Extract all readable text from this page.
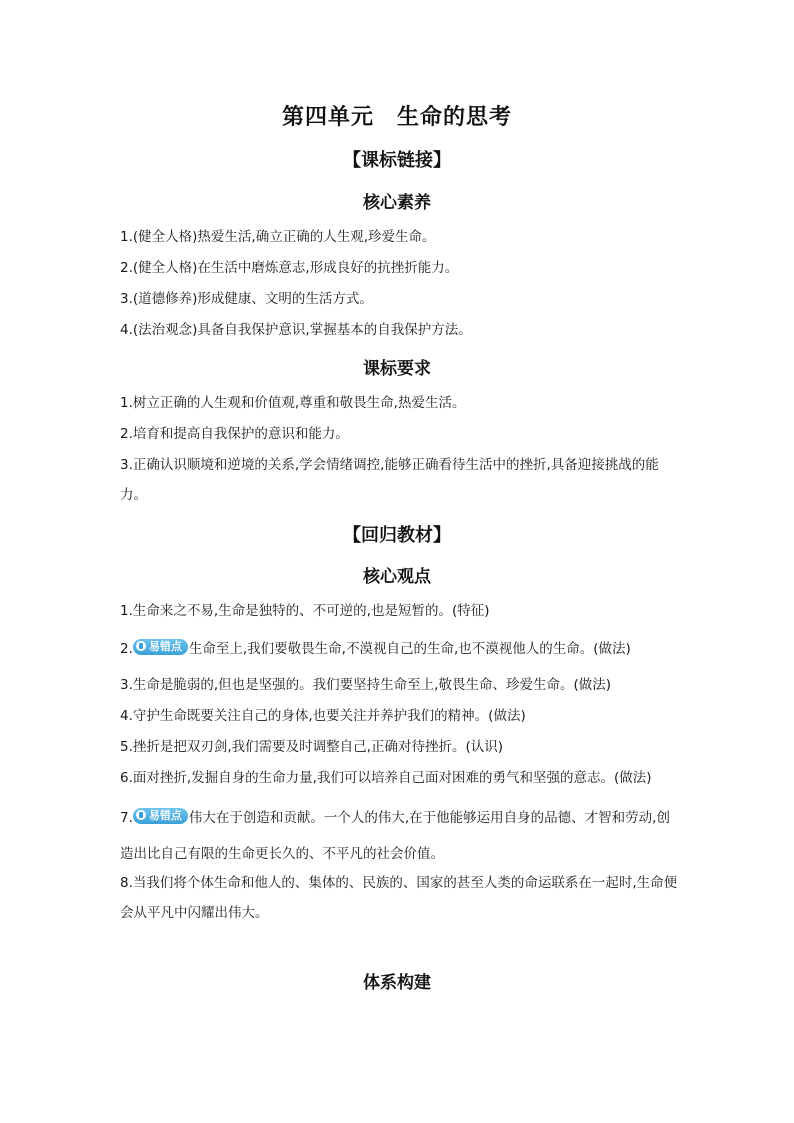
第四单元　生命的思考
【课标链接】
核心素养
1.(健全人格)热爱生活,确立正确的人生观,珍爱生命。
2.(健全人格)在生活中磨炼意志,形成良好的抗挫折能力。
3.(道德修养)形成健康、文明的生活方式。
4.(法治观念)具备自我保护意识,掌握基本的自我保护方法。
课标要求
1.树立正确的人生观和价值观,尊重和敬畏生命,热爱生活。
2.培育和提高自我保护的意识和能力。
3.正确认识顺境和逆境的关系,学会情绪调控,能够正确看待生活中的挫折,具备迎接挑战的能力。
【回归教材】
核心观点
1.生命来之不易,生命是独特的、不可逆的,也是短暂的。(特征)
2. 易错点 生命至上,我们要敬畏生命,不漠视自己的生命,也不漠视他人的生命。(做法)
3.生命是脆弱的,但也是坚强的。我们要坚持生命至上,敬畏生命、珍爱生命。(做法)
4.守护生命既要关注自己的身体,也要关注并养护我们的精神。(做法)
5.挫折是把双刃剑,我们需要及时调整自己,正确对待挫折。(认识)
6.面对挫折,发掘自身的生命力量,我们可以培养自己面对困难的勇气和坚强的意志。(做法)
7. 易错点 伟大在于创造和贡献。一个人的伟大,在于他能够运用自身的品德、才智和劳动,创造出比自己有限的生命更长久的、不平凡的社会价值。
8.当我们将个体生命和他人的、集体的、民族的、国家的甚至人类的命运联系在一起时,生命便会从平凡中闪耀出伟大。
体系构建
